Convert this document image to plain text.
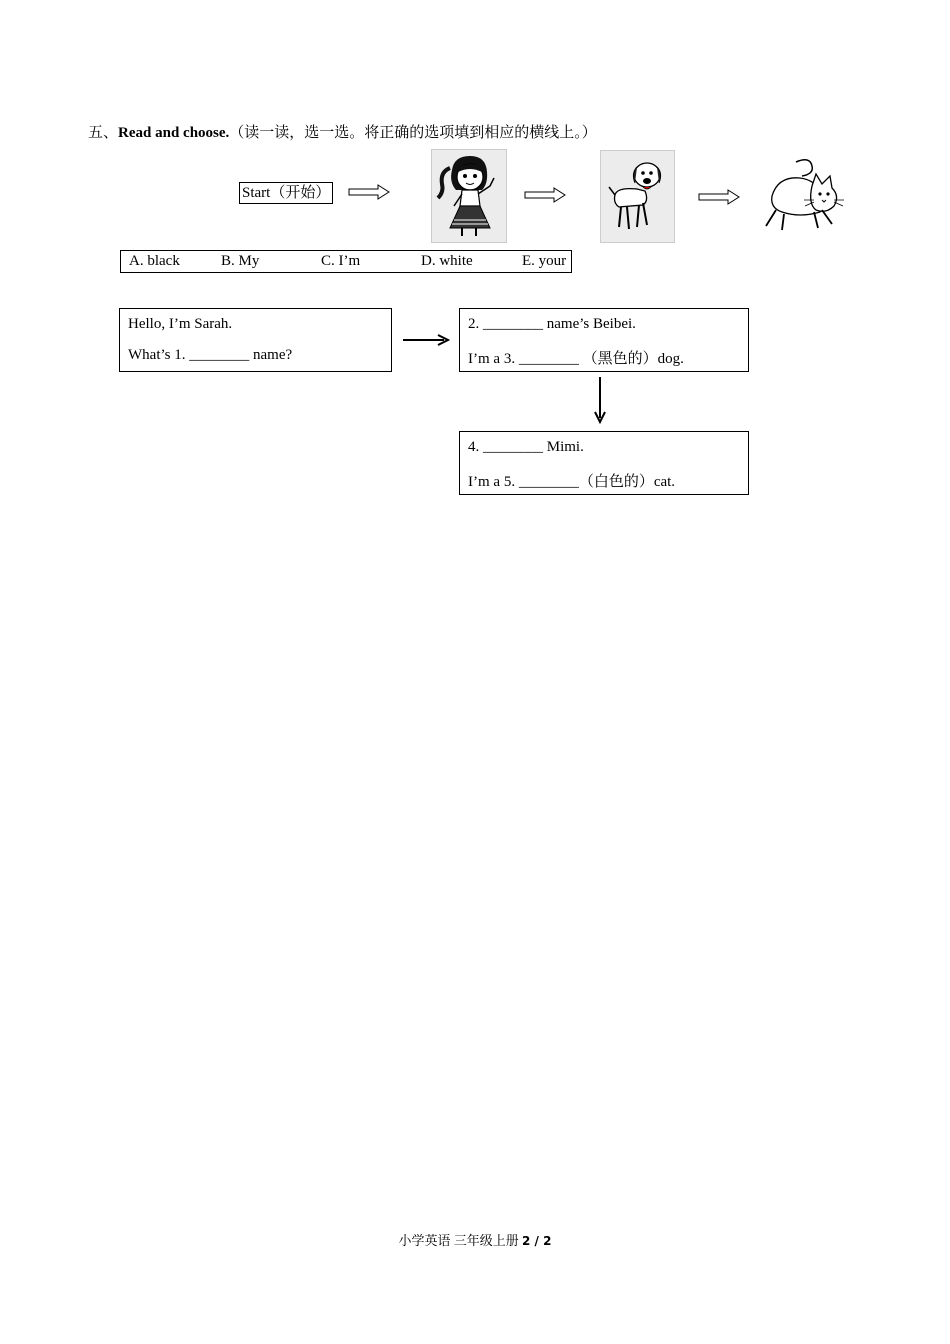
五、Read and choose.（读一读，选一选。将正确的选项填到相应的横线上。）
Start（开始）
A. black	B. My	C. I’m	D. white	E. your
Hello, I’m Sarah.
What’s 1. ________ name?
2. ________ name’s Beibei.
I’m a 3. ________ （黑色的）dog.
4. ________ Mimi.
I’m a 5. ________（白色的）cat.
小学英语 三年级上册 2 / 2
